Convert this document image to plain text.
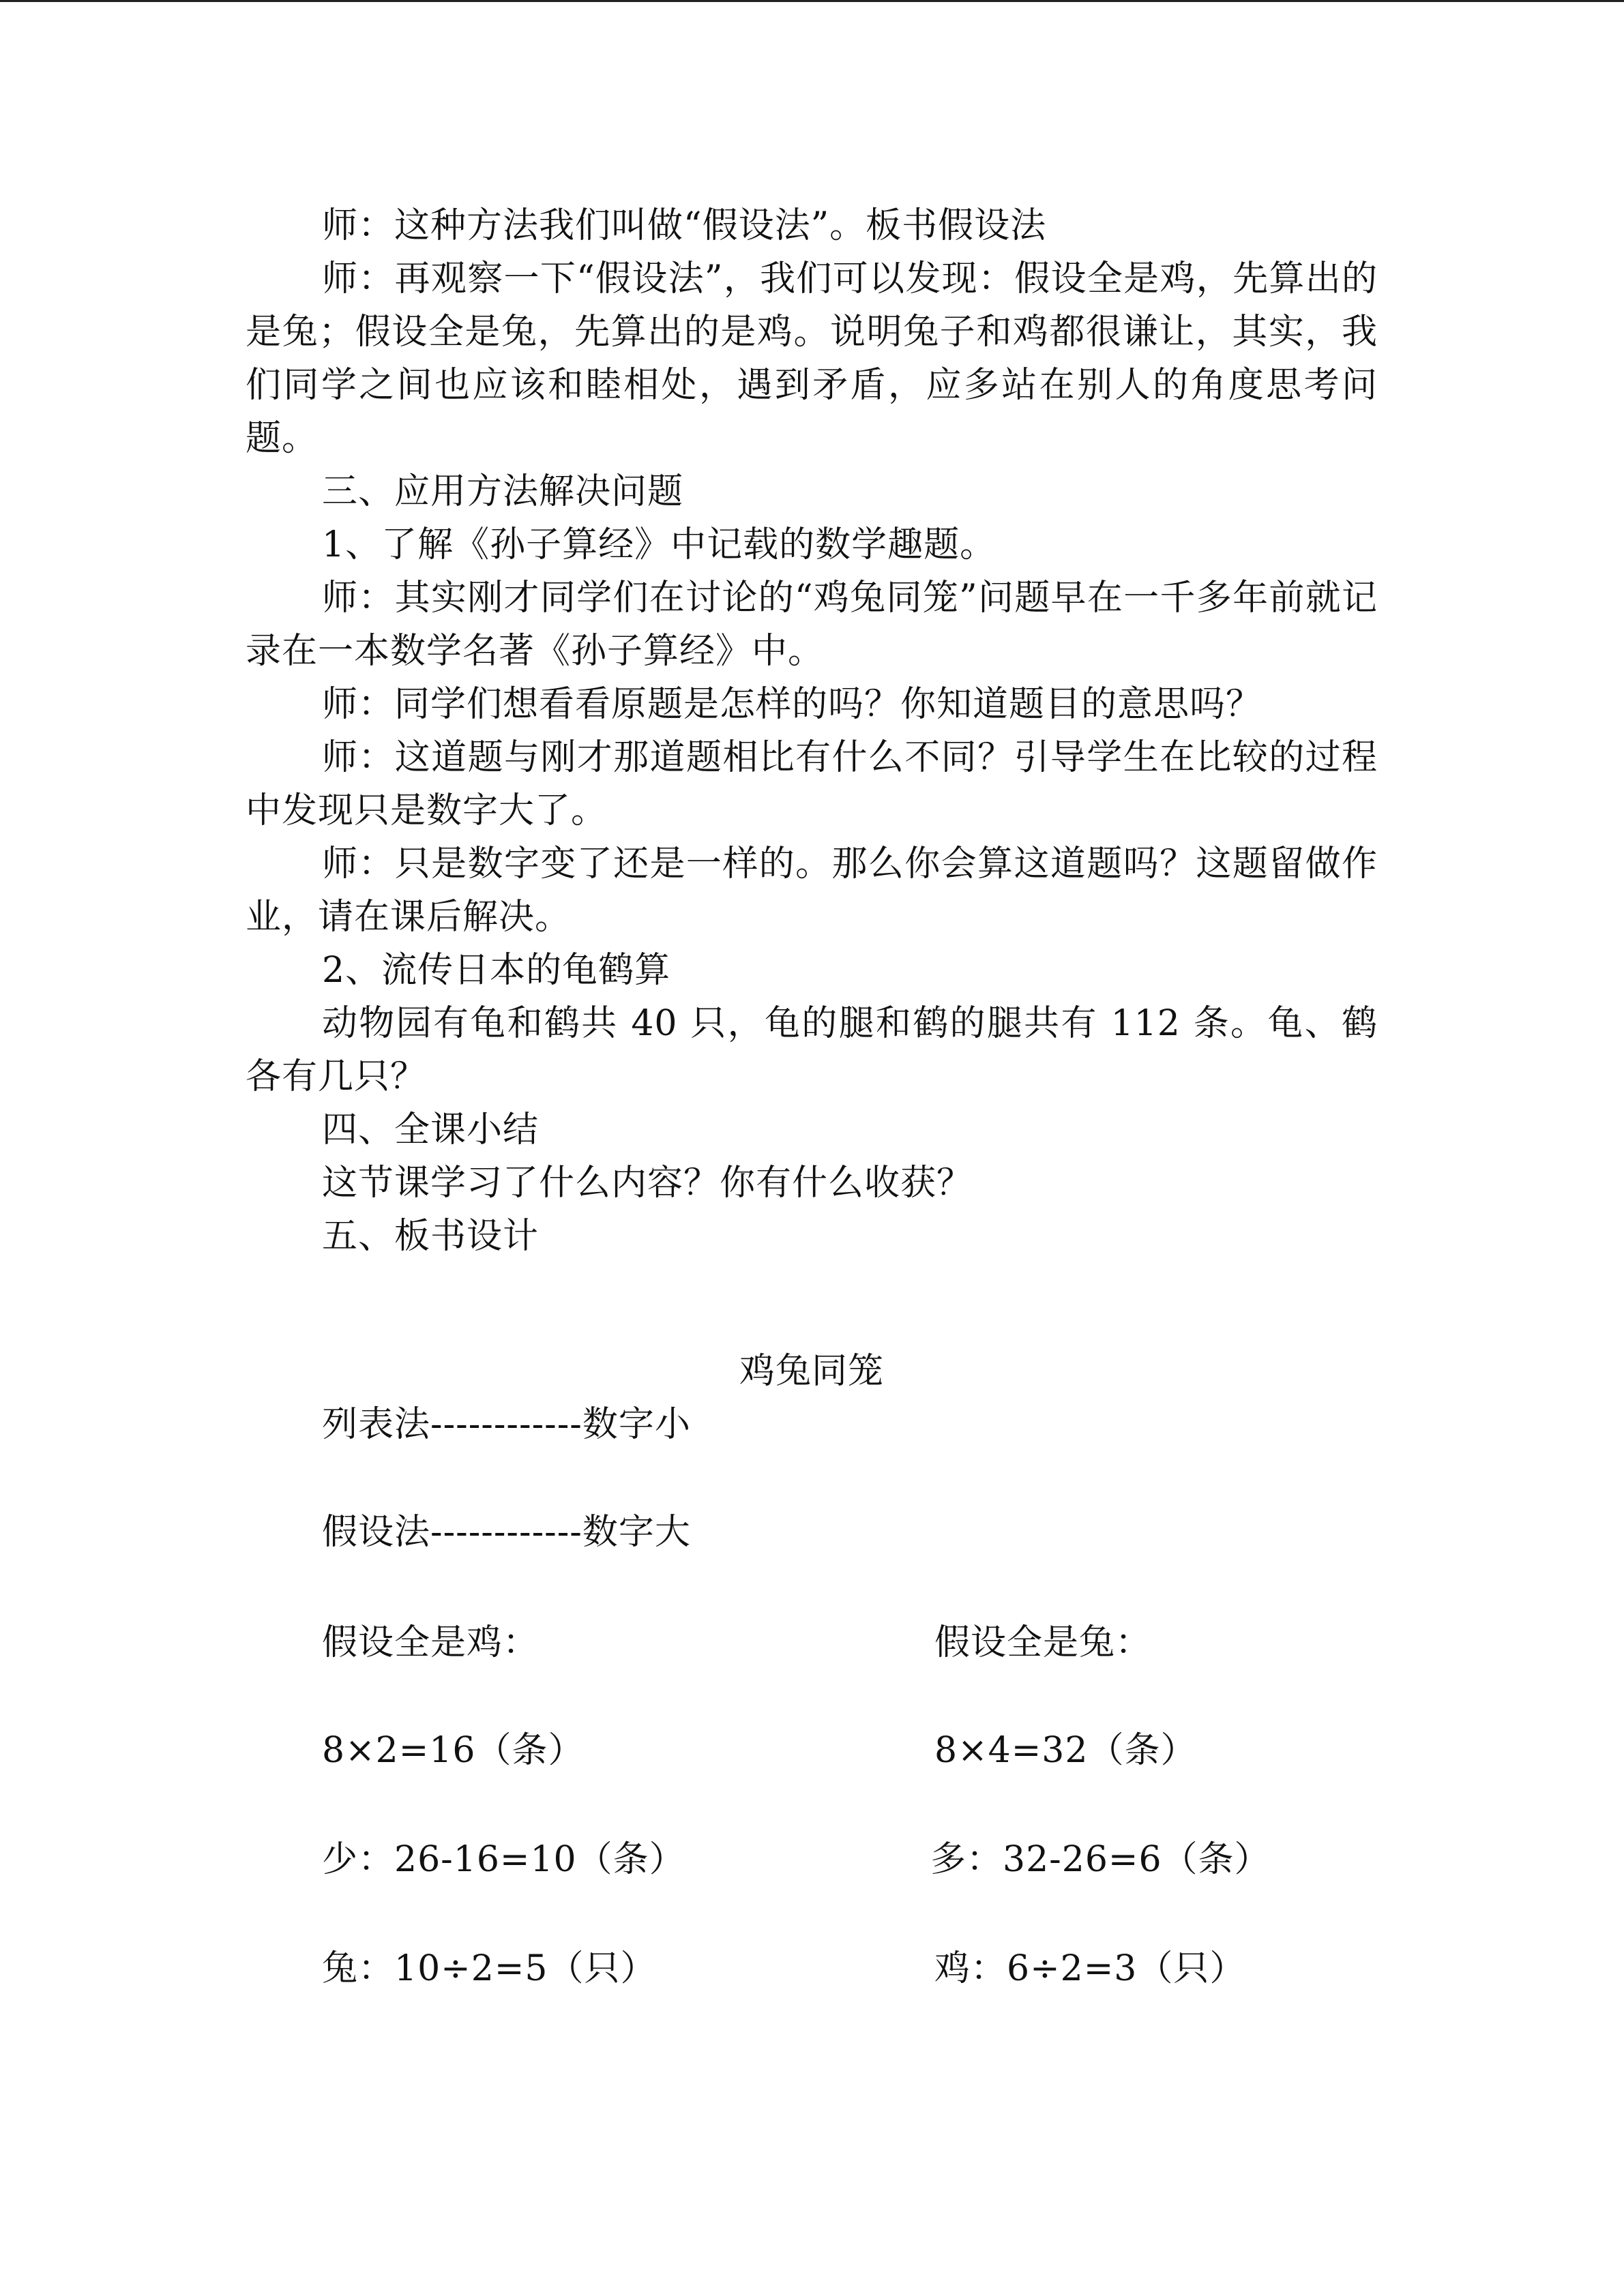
师：这种方法我们叫做“假设法”。板书假设法

师：再观察一下“假设法”，我们可以发现：假设全是鸡，先算出的是兔；假设全是兔，先算出的是鸡。说明兔子和鸡都很谦让，其实，我们同学之间也应该和睦相处，遇到矛盾，应多站在别人的角度思考问题。

三、应用方法解决问题

1、了解《孙子算经》中记载的数学趣题。

师：其实刚才同学们在讨论的“鸡兔同笼”问题早在一千多年前就记录在一本数学名著《孙子算经》中。

师：同学们想看看原题是怎样的吗？你知道题目的意思吗？

师：这道题与刚才那道题相比有什么不同？引导学生在比较的过程中发现只是数字大了。

师：只是数字变了还是一样的。那么你会算这道题吗？这题留做作业，请在课后解决。

2、流传日本的龟鹤算

动物园有龟和鹤共 40 只，龟的腿和鹤的腿共有 112 条。龟、鹤各有几只？

四、全课小结

这节课学习了什么内容？你有什么收获？

五、板书设计

鸡兔同笼
列表法------------数字小
假设法------------数字大
假设全是鸡：
8×2=16（条）
少：26-16=10（条）
兔：10÷2=5（只）
假设全是兔：
8×4=32（条）
多：32-26=6（条）
鸡：6÷2=3（只）
